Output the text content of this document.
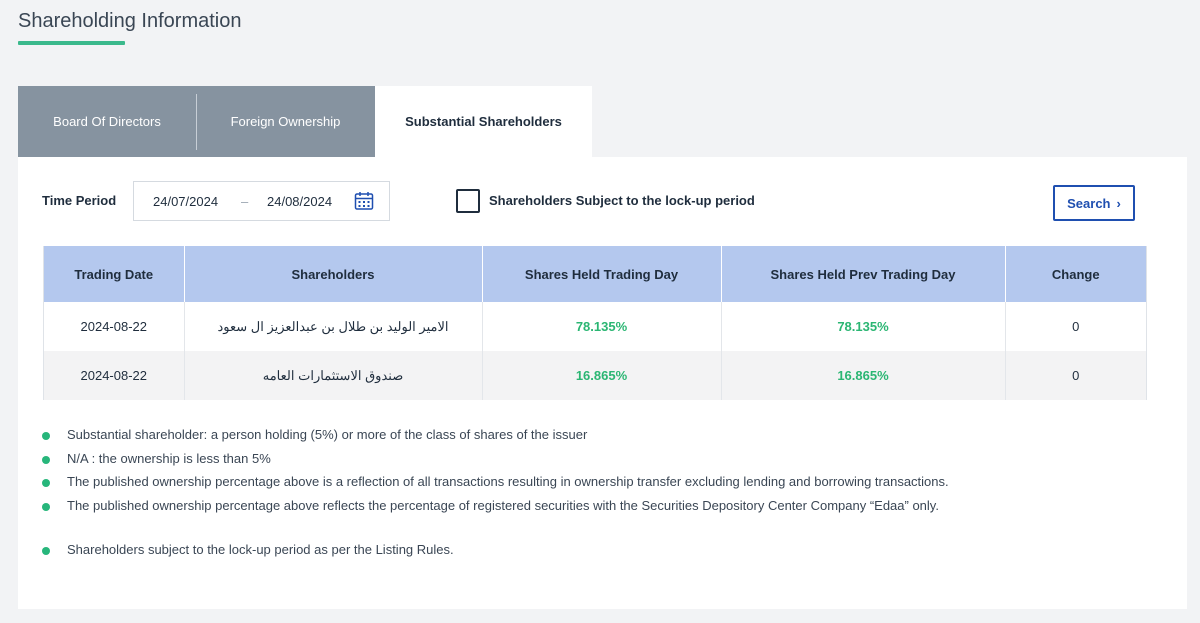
Shareholding Information
Board Of Directors	Foreign Ownership	Substantial Shareholders
Time Period	24/07/2024 – 24/08/2024	Shareholders Subject to the lock-up period	Search ›
Trading Date	Shareholders	Shares Held Trading Day	Shares Held Prev Trading Day	Change
2024-08-22	الامير الوليد بن طلال بن عبدالعزيز ال سعود	78.135%	78.135%	0
2024-08-22	صندوق الاستثمارات العامه	16.865%	16.865%	0
Substantial shareholder: a person holding (5%) or more of the class of shares of the issuer
N/A : the ownership is less than 5%
The published ownership percentage above is a reflection of all transactions resulting in ownership transfer excluding lending and borrowing transactions.
The published ownership percentage above reflects the percentage of registered securities with the Securities Depository Center Company “Edaa” only.
Shareholders subject to the lock-up period as per the Listing Rules.
